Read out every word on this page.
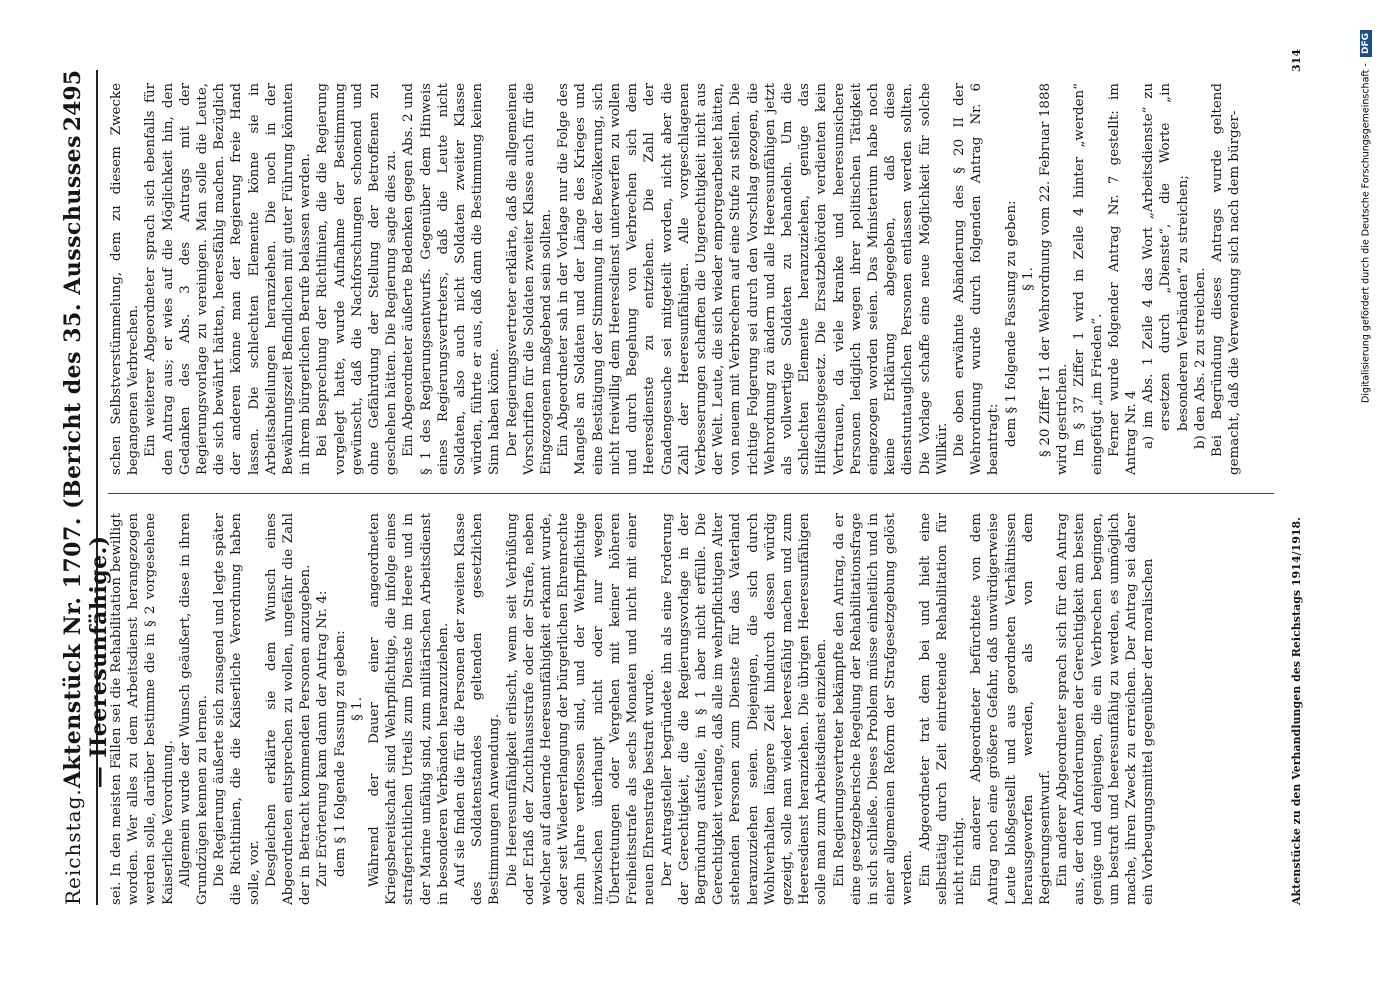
Reichstag.
Aktenstück Nr. 1707. (Bericht des 35. Ausschusses — Heeresunfähige.)
2495

sei. In den meisten Fällen sei die Rehabilitation bewilligt worden. Wer alles zu dem Arbeitsdienst herangezogen werden solle, darüber bestimme die in § 2 vorgesehene Kaiserliche Verordnung. Allgemein wurde der Wunsch geäußert, diese in ihren Grundzügen kennen zu lernen. Die Regierung äußerte sich zusagend und legte später die Richtlinien, die die Kaiserliche Verordnung haben solle, vor. Desgleichen erklärte sie dem Wunsch eines Abgeordneten entsprechen zu wollen, ungefähr die Zahl der in Betracht kommenden Personen anzugeben. Zur Erörterung kam dann der Antrag Nr. 4: dem § 1 folgende Fassung zu geben: § 1. Während der Dauer einer angeordneten Kriegsbereitschaft sind Wehrpflichtige, die infolge eines strafgerichtlichen Urteils zum Dienste im Heere und in der Marine unfähig sind, zum militärischen Arbeitsdienst in besonderen Verbänden heranzuziehen. Auf sie finden die für die Personen der zweiten Klasse des Soldatenstandes geltenden gesetzlichen Bestimmungen Anwendung. Die Heeresunfähigkeit erlischt, wenn seit Verbüßung oder Erlaß der Zuchthausstrafe oder der Strafe, neben welcher auf dauernde Heeresunfähigkeit erkannt wurde, oder seit Wiedererlangung der bürgerlichen Ehrenrechte zehn Jahre verflossen sind, und der Wehrpflichtige inzwischen überhaupt nicht oder nur wegen Übertretungen oder Vergehen mit keiner höheren Freiheitsstrafe als sechs Monaten und nicht mit einer neuen Ehrenstrafe bestraft wurde. Der Antragsteller begründete ihn als eine Forderung der Gerechtigkeit, die die Regierungsvorlage in der Begründung aufstelle, in § 1 aber nicht erfülle. Die Gerechtigkeit verlange, daß alle im wehrpflichtigen Alter stehenden Personen zum Dienste für das Vaterland heranzuziehen seien. Diejenigen, die sich durch Wohlverhalten längere Zeit hindurch dessen würdig gezeigt, solle man wieder heeresfähig machen und zum Heeresdienst heranziehen. Die übrigen Heeresunfähigen solle man zum Arbeitsdienst einziehen. Ein Regierungsvertreter bekämpfte den Antrag, da er eine gesetzgeberische Regelung der Rehabilitationsfrage in sich schließe. Dieses Problem müsse einheitlich und in einer allgemeinen Reform der Strafgesetzgebung gelöst werden. Ein Abgeordneter trat dem bei und hielt eine selbsttätig durch Zeit eintretende Rehabilitation für nicht richtig. Ein anderer Abgeordneter befürchtete von dem Antrag noch eine größere Gefahr, daß unwürdigerweise Leute bloßgestellt und aus geordneten Verhältnissen herausgeworfen werden, als von dem Regierungsentwurf. Ein anderer Abgeordneter sprach sich für den Antrag aus, der den Anforderungen der Gerechtigkeit am besten genüge und denjenigen, die ein Verbrechen begingen, um bestraft und heeresunfähig zu werden, es unmöglich mache, ihren Zweck zu erreichen. Der Antrag sei daher ein Vorbeugungsmittel gegenüber der moralischen

schen Selbstverstümmelung, dem zu diesem Zwecke begangenen Verbrechen. Ein weiterer Abgeordneter sprach sich ebenfalls für den Antrag aus; er wies auf die Möglichkeit hin, den Gedanken des Abs. 3 des Antrags mit der Regierungsvorlage zu vereinigen. Man solle die Leute, die sich bewährt hätten, heeresfähig machen. Bezüglich der anderen könne man der Regierung freie Hand lassen. Die schlechten Elemente könne sie in Arbeitsabteilungen heranziehen. Die noch in der Bewährungszeit Befindlichen mit guter Führung könnten in ihrem bürgerlichen Berufe belassen werden. Bei Besprechung der Richtlinien, die die Regierung vorgelegt hatte, wurde Aufnahme der Bestimmung gewünscht, daß die Nachforschungen schonend und ohne Gefährdung der Stellung der Betroffenen zu geschehen hätten. Die Regierung sagte dies zu. Ein Abgeordneter äußerte Bedenken gegen Abs. 2 und § 1 des Regierungsentwurfs. Gegenüber dem Hinweis eines Regierungsvertreters, daß die Leute nicht Soldaten, also auch nicht Soldaten zweiter Klasse würden, führte er aus, daß dann die Bestimmung keinen Sinn haben könne. Der Regierungsvertreter erklärte, daß die allgemeinen Vorschriften für die Soldaten zweiter Klasse auch für die Eingezogenen maßgebend sein sollten. Ein Abgeordneter sah in der Vorlage nur die Folge des Mangels an Soldaten und der Länge des Krieges und eine Bestätigung der Stimmung in der Bevölkerung, sich nicht freiwillig dem Heeresdienst unterwerfen zu wollen und durch Begehung von Verbrechen sich dem Heeresdienste zu entziehen. Die Zahl der Gnadengesuche sei mitgeteilt worden, nicht aber die Zahl der Heeresunfähigen. Alle vorgeschlagenen Verbesserungen schafften die Ungerechtigkeit nicht aus der Welt. Leute, die sich wieder emporgearbeitet hätten, von neuem mit Verbrechern auf eine Stufe zu stellen. Die richtige Folgerung sei durch den Vorschlag gezogen, die Wehrordnung zu ändern und alle Heeresunfähigen jetzt als vollwertige Soldaten zu behandeln. Um die schlechten Elemente heranzuziehen, genüge das Hilfsdienstgesetz. Die Ersatzbehörden verdienten kein Vertrauen, da viele kranke und heeresunsichere Personen lediglich wegen ihrer politischen Tätigkeit eingezogen worden seien. Das Ministerium habe noch keine Erklärung abgegeben, daß diese dienstuntauglichen Personen entlassen werden sollten. Die Vorlage schaffe eine neue Möglichkeit für solche Willkür. Die oben erwähnte Abänderung des § 20 II der Wehrordnung wurde durch folgenden Antrag Nr. 6 beantragt: dem § 1 folgende Fassung zu geben: § 1. § 20 Ziffer 11 der Wehrordnung vom 22. Februar 1888 wird gestrichen. Im § 37 Ziffer 1 wird in Zeile 4 hinter „werden“ eingefügt „im Frieden“. Ferner wurde folgender Antrag Nr. 7 gestellt: im Antrag Nr. 4 a) im Abs. 1 Zeile 4 das Wort „Arbeitsdienste“ zu ersetzen durch „Dienste“, die Worte „in besonderen Verbänden“ zu streichen; b) den Abs. 2 zu streichen. Bei Begründung dieses Antrags wurde geltend gemacht, daß die Verwendung sich nach dem bürger-

Aktenstücke zu den Verhandlungen des Reichstags 1914/1918.
314
Digitalisierung gefördert durch die Deutsche Forschungsgemeinschaft -
DFG
